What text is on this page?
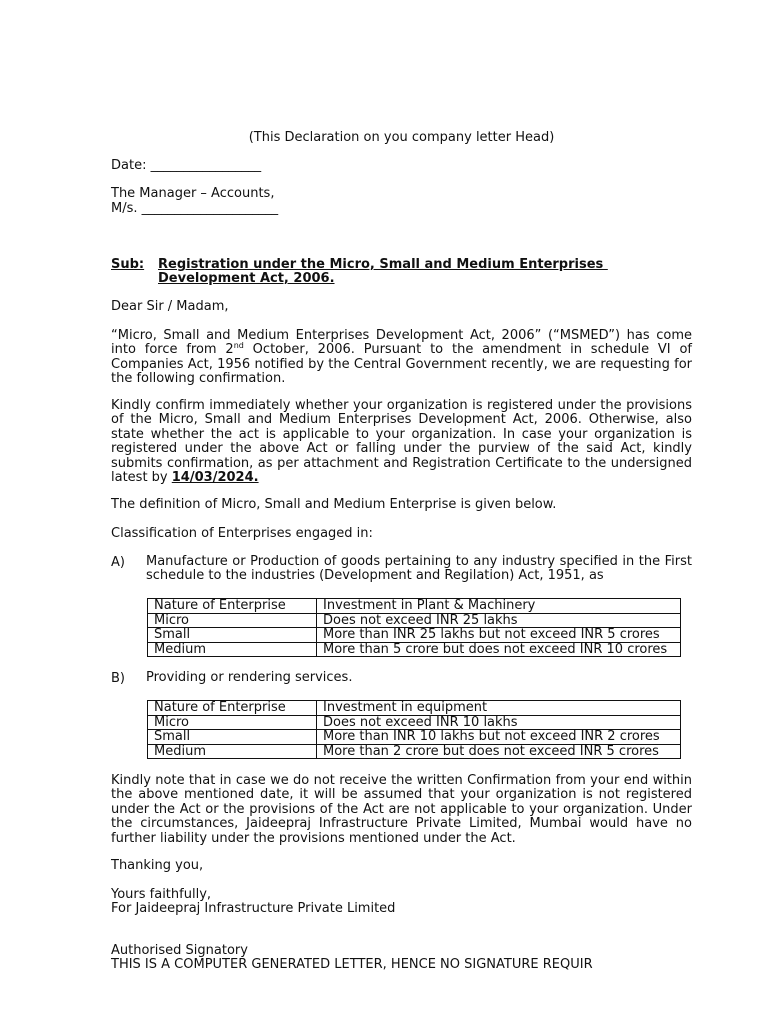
(This Declaration on you company letter Head)
Date: _________________
The Manager – Accounts,
M/s. _____________________
Sub: Registration under the Micro, Small and Medium Enterprises
Development Act, 2006.
Dear Sir / Madam,
“Micro, Small and Medium Enterprises Development Act, 2006” (“MSMED”) has come into force from 2nd October, 2006. Pursuant to the amendment in schedule VI of Companies Act, 1956 notified by the Central Government recently, we are requesting for the following confirmation.
Kindly confirm immediately whether your organization is registered under the provisions of the Micro, Small and Medium Enterprises Development Act, 2006. Otherwise, also state whether the act is applicable to your organization. In case your organization is registered under the above Act or falling under the purview of the said Act, kindly submits confirmation, as per attachment and Registration Certificate to the undersigned latest by 14/03/2024.
The definition of Micro, Small and Medium Enterprise is given below.
Classification of Enterprises engaged in:
A) Manufacture or Production of goods pertaining to any industry specified in the First schedule to the industries (Development and Regilation) Act, 1951, as
Nature of Enterprise	Investment in Plant & Machinery
Micro	Does not exceed INR 25 lakhs
Small	More than INR 25 lakhs but not exceed INR 5 crores
Medium	More than 5 crore but does not exceed INR 10 crores
B) Providing or rendering services.
Nature of Enterprise	Investment in equipment
Micro	Does not exceed INR 10 lakhs
Small	More than INR 10 lakhs but not exceed INR 2 crores
Medium	More than 2 crore but does not exceed INR 5 crores
Kindly note that in case we do not receive the written Confirmation from your end within the above mentioned date, it will be assumed that your organization is not registered under the Act or the provisions of the Act are not applicable to your organization. Under the circumstances, Jaideepraj Infrastructure Private Limited, Mumbai would have no further liability under the provisions mentioned under the Act.
Thanking you,
Yours faithfully,
For Jaideepraj Infrastructure Private Limited
Authorised Signatory
THIS IS A COMPUTER GENERATED LETTER, HENCE NO SIGNATURE REQUIR
